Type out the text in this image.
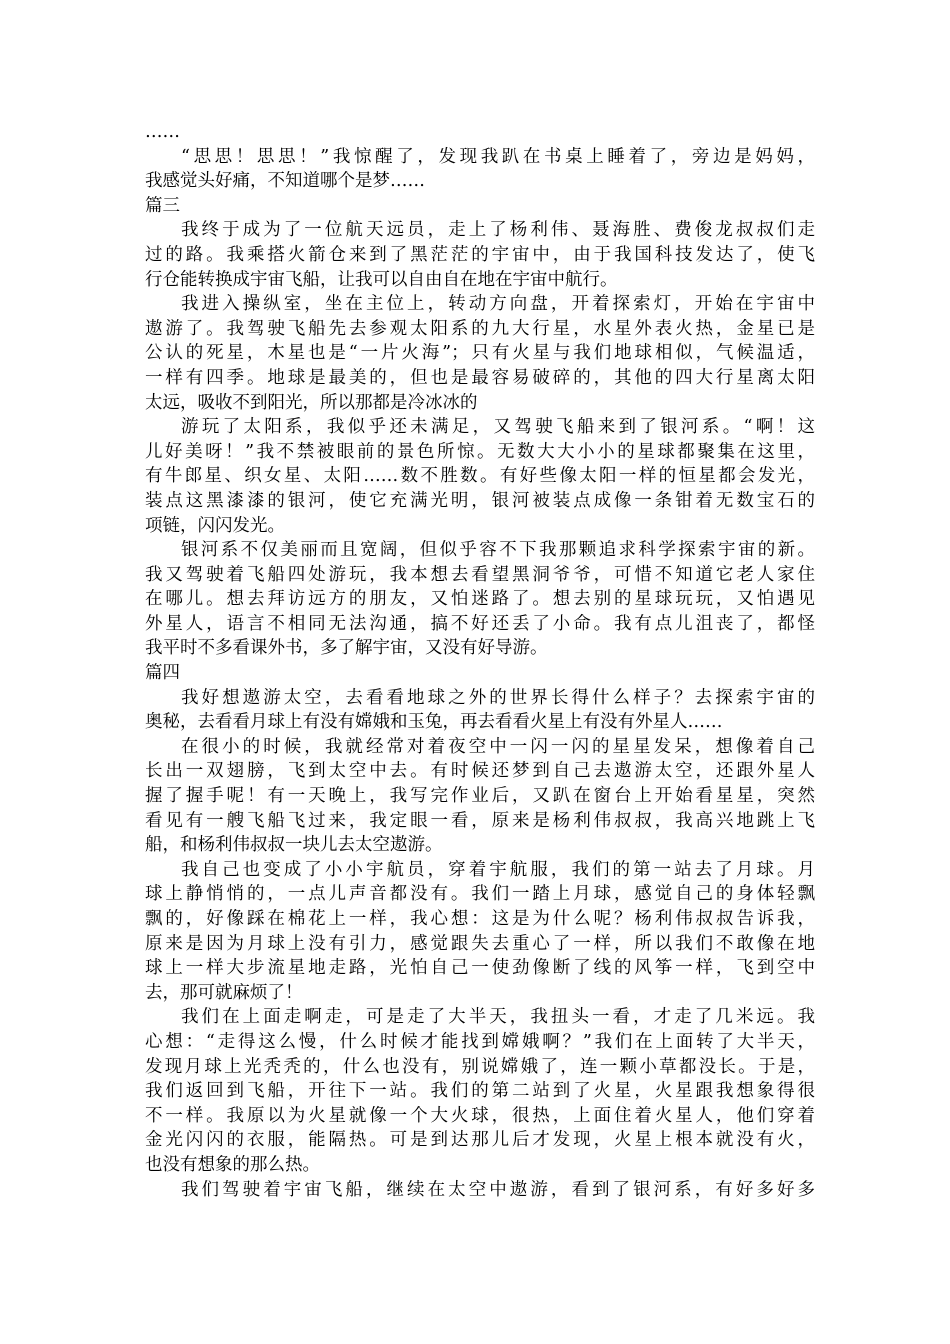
……
“思思！思思！”我惊醒了，发现我趴在书桌上睡着了，旁边是妈妈，
我感觉头好痛，不知道哪个是梦……
篇三
我终于成为了一位航天远员，走上了杨利伟、聂海胜、费俊龙叔叔们走
过的路。我乘搭火箭仓来到了黑茫茫的宇宙中，由于我国科技发达了，使飞
行仓能转换成宇宙飞船，让我可以自由自在地在宇宙中航行。
我进入操纵室，坐在主位上，转动方向盘，开着探索灯，开始在宇宙中
遨游了。我驾驶飞船先去参观太阳系的九大行星，水星外表火热，金星已是
公认的死星，木星也是“一片火海”；只有火星与我们地球相似，气候温适，
一样有四季。地球是最美的，但也是最容易破碎的，其他的四大行星离太阳
太远，吸收不到阳光，所以那都是冷冰冰的
游玩了太阳系，我似乎还未满足，又驾驶飞船来到了银河系。“啊！这
儿好美呀！”我不禁被眼前的景色所惊。无数大大小小的星球都聚集在这里，
有牛郎星、织女星、太阳……数不胜数。有好些像太阳一样的恒星都会发光，
装点这黑漆漆的银河，使它充满光明，银河被装点成像一条钳着无数宝石的
项链，闪闪发光。
银河系不仅美丽而且宽阔，但似乎容不下我那颗追求科学探索宇宙的新。
我又驾驶着飞船四处游玩，我本想去看望黑洞爷爷，可惜不知道它老人家住
在哪儿。想去拜访远方的朋友，又怕迷路了。想去别的星球玩玩，又怕遇见
外星人，语言不相同无法沟通，搞不好还丢了小命。我有点儿沮丧了，都怪
我平时不多看课外书，多了解宇宙，又没有好导游。
篇四
我好想遨游太空，去看看地球之外的世界长得什么样子？去探索宇宙的
奥秘，去看看月球上有没有嫦娥和玉兔，再去看看火星上有没有外星人……
在很小的时候，我就经常对着夜空中一闪一闪的星星发呆，想像着自己
长出一双翅膀，飞到太空中去。有时候还梦到自己去遨游太空，还跟外星人
握了握手呢！有一天晚上，我写完作业后，又趴在窗台上开始看星星，突然
看见有一艘飞船飞过来，我定眼一看，原来是杨利伟叔叔，我高兴地跳上飞
船，和杨利伟叔叔一块儿去太空遨游。
我自己也变成了小小宇航员，穿着宇航服，我们的第一站去了月球。月
球上静悄悄的，一点儿声音都没有。我们一踏上月球，感觉自己的身体轻飘
飘的，好像踩在棉花上一样，我心想：这是为什么呢？杨利伟叔叔告诉我，
原来是因为月球上没有引力，感觉跟失去重心了一样，所以我们不敢像在地
球上一样大步流星地走路，光怕自己一使劲像断了线的风筝一样，飞到空中
去，那可就麻烦了！
我们在上面走啊走，可是走了大半天，我扭头一看，才走了几米远。我
心想：“走得这么慢，什么时候才能找到嫦娥啊？”我们在上面转了大半天，
发现月球上光秃秃的，什么也没有，别说嫦娥了，连一颗小草都没长。于是，
我们返回到飞船，开往下一站。我们的第二站到了火星，火星跟我想象得很
不一样。我原以为火星就像一个大火球，很热，上面住着火星人，他们穿着
金光闪闪的衣服，能隔热。可是到达那儿后才发现，火星上根本就没有火，
也没有想象的那么热。
我们驾驶着宇宙飞船，继续在太空中遨游，看到了银河系，有好多好多
